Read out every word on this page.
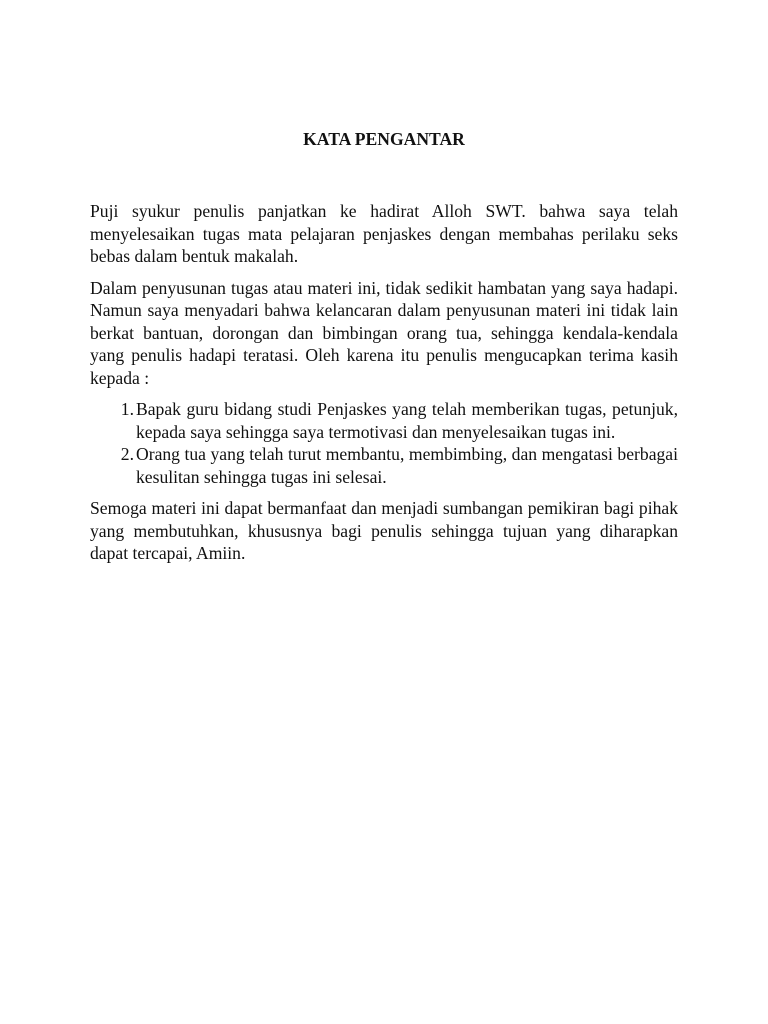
KATA PENGANTAR

Puji syukur penulis panjatkan ke hadirat Alloh SWT. bahwa saya telah menyelesaikan tugas mata pelajaran penjaskes dengan membahas perilaku seks bebas dalam bentuk makalah.

Dalam penyusunan tugas atau materi ini, tidak sedikit hambatan yang saya hadapi. Namun saya menyadari bahwa kelancaran dalam penyusunan materi ini tidak lain berkat bantuan, dorongan dan bimbingan orang tua, sehingga kendala-kendala yang penulis hadapi teratasi. Oleh karena itu penulis mengucapkan terima kasih kepada :

1. Bapak guru bidang studi Penjaskes yang telah memberikan tugas, petunjuk, kepada saya sehingga saya termotivasi dan menyelesaikan tugas ini.
2. Orang tua yang telah turut membantu, membimbing, dan mengatasi berbagai kesulitan sehingga tugas ini selesai.

Semoga materi ini dapat bermanfaat dan menjadi sumbangan pemikiran bagi pihak yang membutuhkan, khususnya bagi penulis sehingga tujuan yang diharapkan dapat tercapai, Amiin.
